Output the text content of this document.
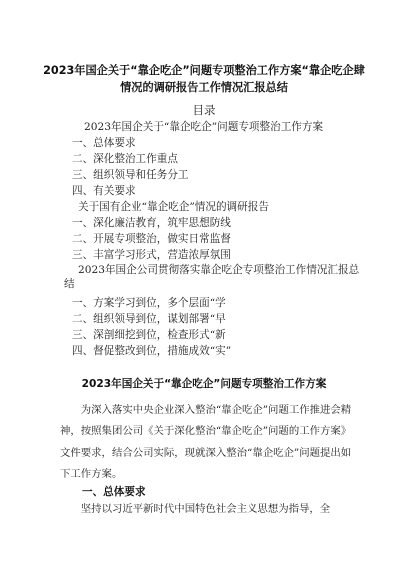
2023年国企关于“靠企吃企”问题专项整治工作方案“靠企吃企肆情况的调研报告工作情况汇报总结
目录
2023年国企关于“靠企吃企”问题专项整治工作方案
一、总体要求
二、深化整治工作重点
三、组织领导和任务分工
四、有关要求
关于国有企业“靠企吃企”情况的调研报告
一、深化廉洁教育，筑牢思想防线
二、开展专项整治，做实日常监督
三、丰富学习形式，营造浓厚氛围
2023年国企公司贯彻落实靠企吃企专项整治工作情况汇报总结
一、方案学习到位，多个层面“学
二、组织领导到位，谋划部署“早
三、深剖细挖到位，检查形式“新
四、督促整改到位，措施成效“实”
2023年国企关于“靠企吃企”问题专项整治工作方案

为深入落实中央企业深入整治“靠企吃企”问题工作推进会精神，按照集团公司《关于深化整治“靠企吃企”问题的工作方案》文件要求，结合公司实际，现就深入整治“靠企吃企”问题提出如下工作方案。

一、总体要求

坚持以习近平新时代中国特色社会主义思想为指导，全
